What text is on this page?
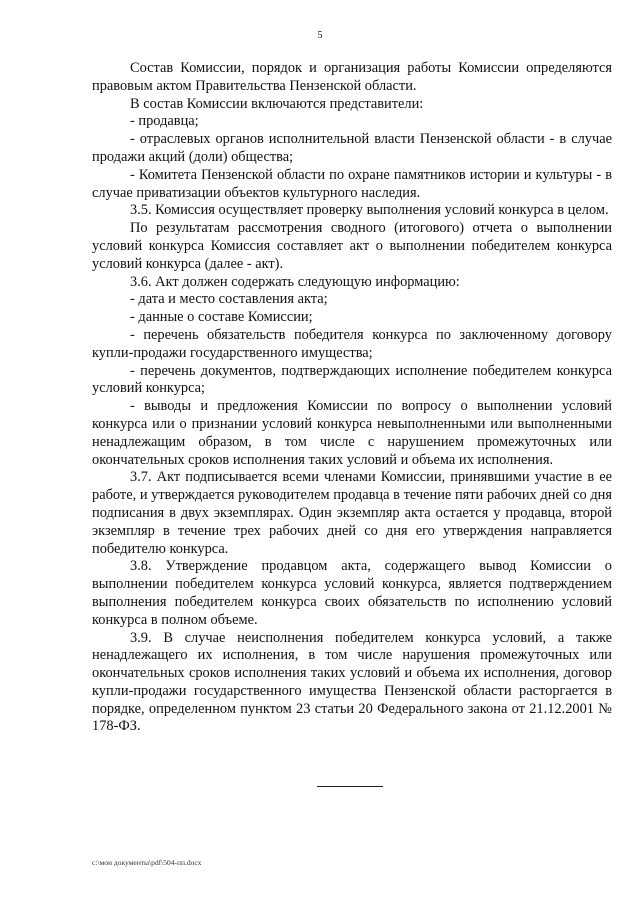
5

Состав Комиссии, порядок и организация работы Комиссии определяются правовым актом Правительства Пензенской области.

В состав Комиссии включаются представители:

- продавца;

- отраслевых органов исполнительной власти Пензенской области - в случае продажи акций (доли) общества;

- Комитета Пензенской области по охране памятников истории и культуры - в случае приватизации объектов культурного наследия.

3.5. Комиссия осуществляет проверку выполнения условий конкурса в целом.

По результатам рассмотрения сводного (итогового) отчета о выполнении условий конкурса Комиссия составляет акт о выполнении победителем конкурса условий конкурса (далее - акт).

3.6. Акт должен содержать следующую информацию:

- дата и место составления акта;

- данные о составе Комиссии;

- перечень обязательств победителя конкурса по заключенному договору купли-продажи государственного имущества;

- перечень документов, подтверждающих исполнение победителем конкурса условий конкурса;

- выводы и предложения Комиссии по вопросу о выполнении условий конкурса или о признании условий конкурса невыполненными или выполненными ненадлежащим образом, в том числе с нарушением промежуточных или окончательных сроков исполнения таких условий и объема их исполнения.

3.7. Акт подписывается всеми членами Комиссии, принявшими участие в ее работе, и утверждается руководителем продавца в течение пяти рабочих дней со дня подписания в двух экземплярах. Один экземпляр акта остается у продавца, второй экземпляр в течение трех рабочих дней со дня его утверждения направляется победителю конкурса.

3.8. Утверждение продавцом акта, содержащего вывод Комиссии о выполнении победителем конкурса условий конкурса, является подтверждением выполнения победителем конкурса своих обязательств по исполнению условий конкурса в полном объеме.

3.9. В случае неисполнения победителем конкурса условий, а также ненадлежащего их исполнения, в том числе нарушения промежуточных или окончательных сроков исполнения таких условий и объема их исполнения, договор купли-продажи государственного имущества Пензенской области расторгается в порядке, определенном пунктом 23 статьи 20 Федерального закона от 21.12.2001 № 178-ФЗ.

c:\мои документы\pdf\504-пп.docx
